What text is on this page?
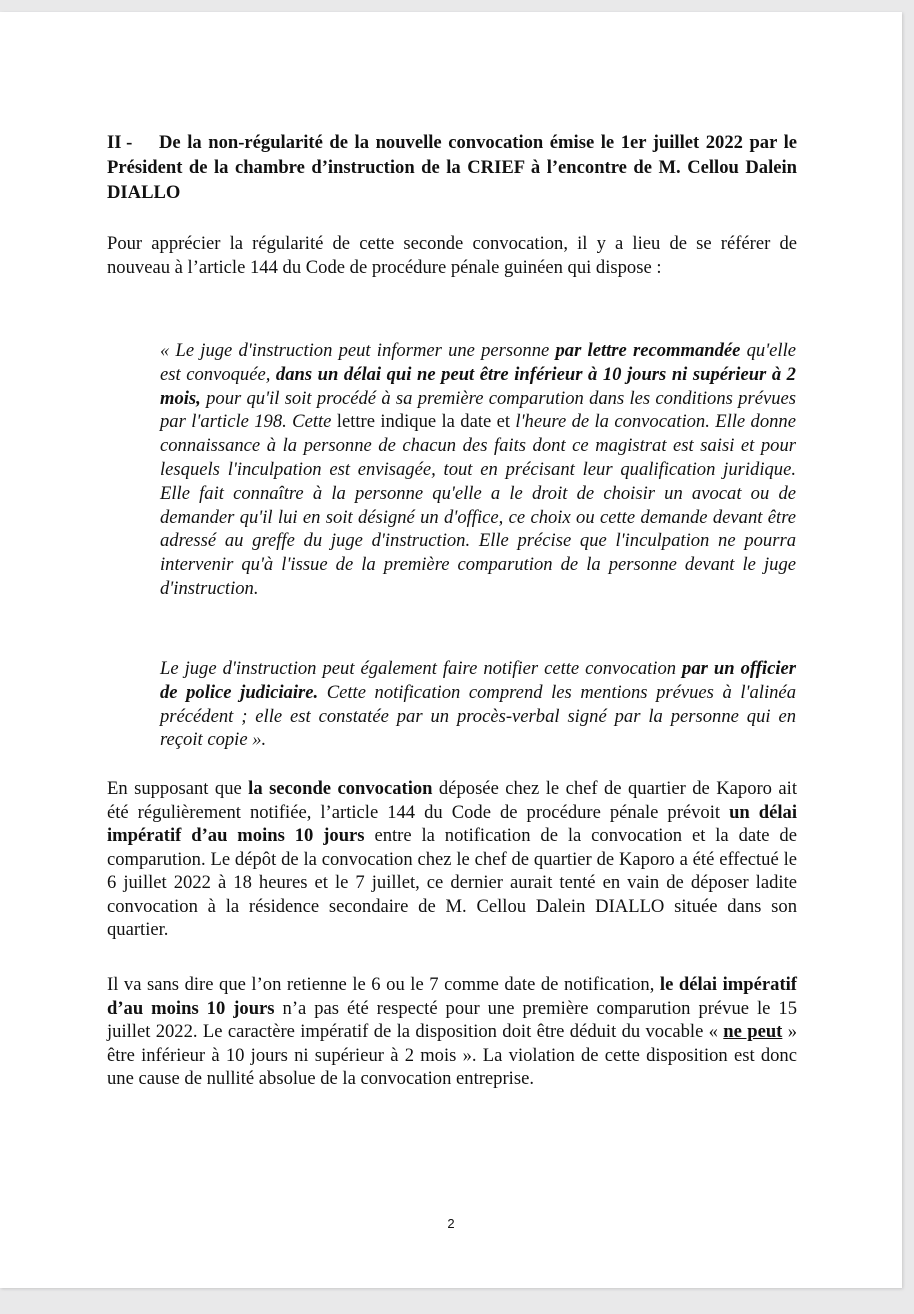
II - De la non-régularité de la nouvelle convocation émise le 1er juillet 2022 par le Président de la chambre d’instruction de la CRIEF à l’encontre de M. Cellou Dalein DIALLO
Pour apprécier la régularité de cette seconde convocation, il y a lieu de se référer de nouveau à l’article 144 du Code de procédure pénale guinéen qui dispose :
« Le juge d'instruction peut informer une personne par lettre recommandée qu'elle est convoquée, dans un délai qui ne peut être inférieur à 10 jours ni supérieur à 2 mois, pour qu'il soit procédé à sa première comparution dans les conditions prévues par l'article 198. Cette lettre indique la date et l'heure de la convocation. Elle donne connaissance à la personne de chacun des faits dont ce magistrat est saisi et pour lesquels l'inculpation est envisagée, tout en précisant leur qualification juridique. Elle fait connaître à la personne qu'elle a le droit de choisir un avocat ou de demander qu'il lui en soit désigné un d'office, ce choix ou cette demande devant être adressé au greffe du juge d'instruction. Elle précise que l'inculpation ne pourra intervenir qu'à l'issue de la première comparution de la personne devant le juge d'instruction.
Le juge d'instruction peut également faire notifier cette convocation par un officier de police judiciaire. Cette notification comprend les mentions prévues à l'alinéa précédent ; elle est constatée par un procès-verbal signé par la personne qui en reçoit copie ».
En supposant que la seconde convocation déposée chez le chef de quartier de Kaporo ait été régulièrement notifiée, l’article 144 du Code de procédure pénale prévoit un délai impératif d’au moins 10 jours entre la notification de la convocation et la date de comparution. Le dépôt de la convocation chez le chef de quartier de Kaporo a été effectué le 6 juillet 2022 à 18 heures et le 7 juillet, ce dernier aurait tenté en vain de déposer ladite convocation à la résidence secondaire de M. Cellou Dalein DIALLO située dans son quartier.
Il va sans dire que l’on retienne le 6 ou le 7 comme date de notification, le délai impératif d’au moins 10 jours n’a pas été respecté pour une première comparution prévue le 15 juillet 2022. Le caractère impératif de la disposition doit être déduit du vocable « ne peut » être inférieur à 10 jours ni supérieur à 2 mois ». La violation de cette disposition est donc une cause de nullité absolue de la convocation entreprise.
2
